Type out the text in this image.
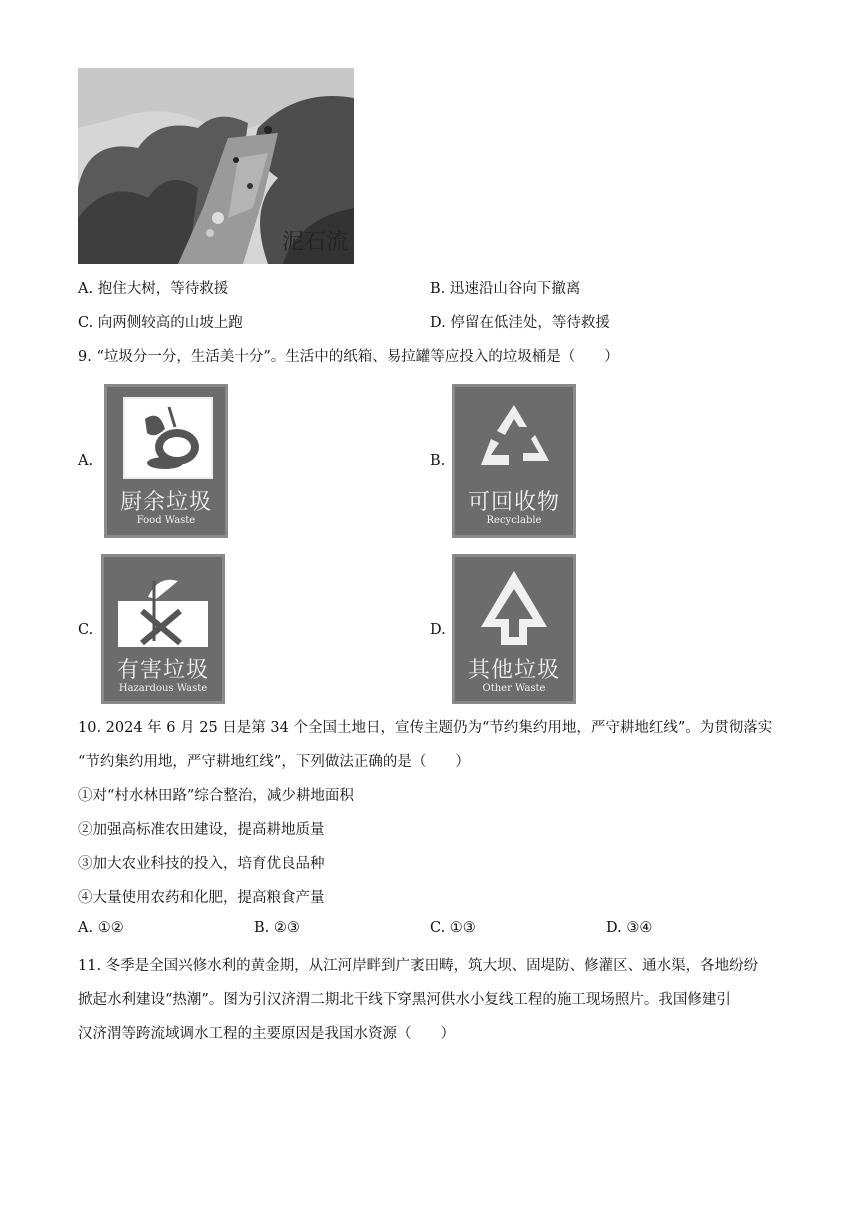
泥石流
A. 抱住大树，等待救援	B. 迅速沿山谷向下撤离
C. 向两侧较高的山坡上跑	D. 停留在低洼处，等待救援
9. “垃圾分一分，生活美十分”。生活中的纸箱、易拉罐等应投入的垃圾桶是（　　）
A.
厨余垃圾
Food Waste
B.
可回收物
Recyclable
C.
有害垃圾
Hazardous Waste
D.
其他垃圾
Other Waste
10. 2024 年 6 月 25 日是第 34 个全国土地日，宣传主题仍为“节约集约用地，严守耕地红线”。为贯彻落实
“节约集约用地，严守耕地红线”，下列做法正确的是（　　）
①对“村水林田路”综合整治，减少耕地面积
②加强高标准农田建设，提高耕地质量
③加大农业科技的投入，培育优良品种
④大量使用农药和化肥，提高粮食产量
A. ①②	B. ②③	C. ①③	D. ③④
11. 冬季是全国兴修水利的黄金期，从江河岸畔到广袤田畴，筑大坝、固堤防、修灌区、通水渠，各地纷纷
掀起水利建设“热潮”。图为引汉济渭二期北干线下穿黑河供水小复线工程的施工现场照片。我国修建引
汉济渭等跨流域调水工程的主要原因是我国水资源（　　）
